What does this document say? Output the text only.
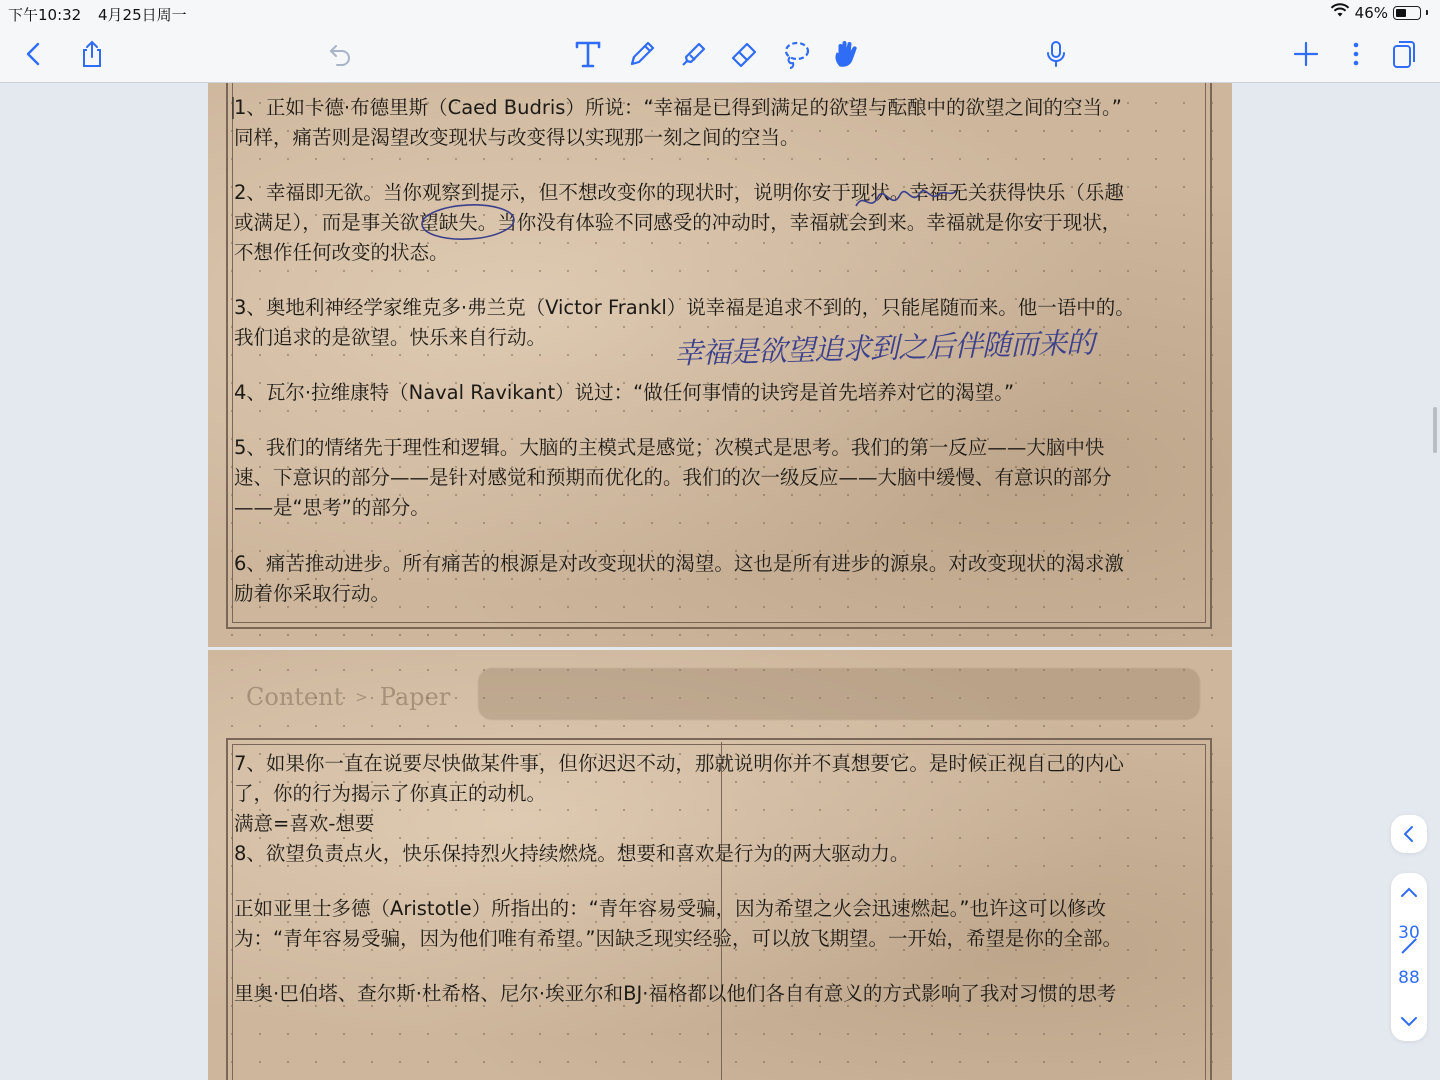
下午10:32 4月25日周一	46%
1、正如卡德·布德里斯（Caed Budris）所说：“幸福是已得到满足的欲望与酝酿中的欲望之间的空当。”
同样，痛苦则是渴望改变现状与改变得以实现那一刻之间的空当。
2、幸福即无欲。当你观察到提示，但不想改变你的现状时，说明你安于现状。幸福无关获得快乐（乐趣
或满足），而是事关欲望缺失。当你没有体验不同感受的冲动时，幸福就会到来。幸福就是你安于现状，
不想作任何改变的状态。
3、奥地利神经学家维克多·弗兰克（Victor Frankl）说幸福是追求不到的，只能尾随而来。他一语中的。
我们追求的是欲望。快乐来自行动。
4、瓦尔·拉维康特（Naval Ravikant）说过：“做任何事情的诀窍是首先培养对它的渴望。”
5、我们的情绪先于理性和逻辑。大脑的主模式是感觉；次模式是思考。我们的第一反应——大脑中快
速、下意识的部分——是针对感觉和预期而优化的。我们的次一级反应——大脑中缓慢、有意识的部分
——是“思考”的部分。
6、痛苦推动进步。所有痛苦的根源是对改变现状的渴望。这也是所有进步的源泉。对改变现状的渴求激
励着你采取行动。
幸福是欲望追求到之后伴随而来的
Content > Paper
7、如果你一直在说要尽快做某件事，但你迟迟不动，那就说明你并不真想要它。是时候正视自己的内心
了，你的行为揭示了你真正的动机。
满意=喜欢-想要
8、欲望负责点火，快乐保持烈火持续燃烧。想要和喜欢是行为的两大驱动力。
正如亚里士多德（Aristotle）所指出的：“青年容易受骗，因为希望之火会迅速燃起。”也许这可以修改
为：“青年容易受骗，因为他们唯有希望。”因缺乏现实经验，可以放飞期望。一开始，希望是你的全部。
里奥·巴伯塔、查尔斯·杜希格、尼尔·埃亚尔和BJ·福格都以他们各自有意义的方式影响了我对习惯的思考
30
88
